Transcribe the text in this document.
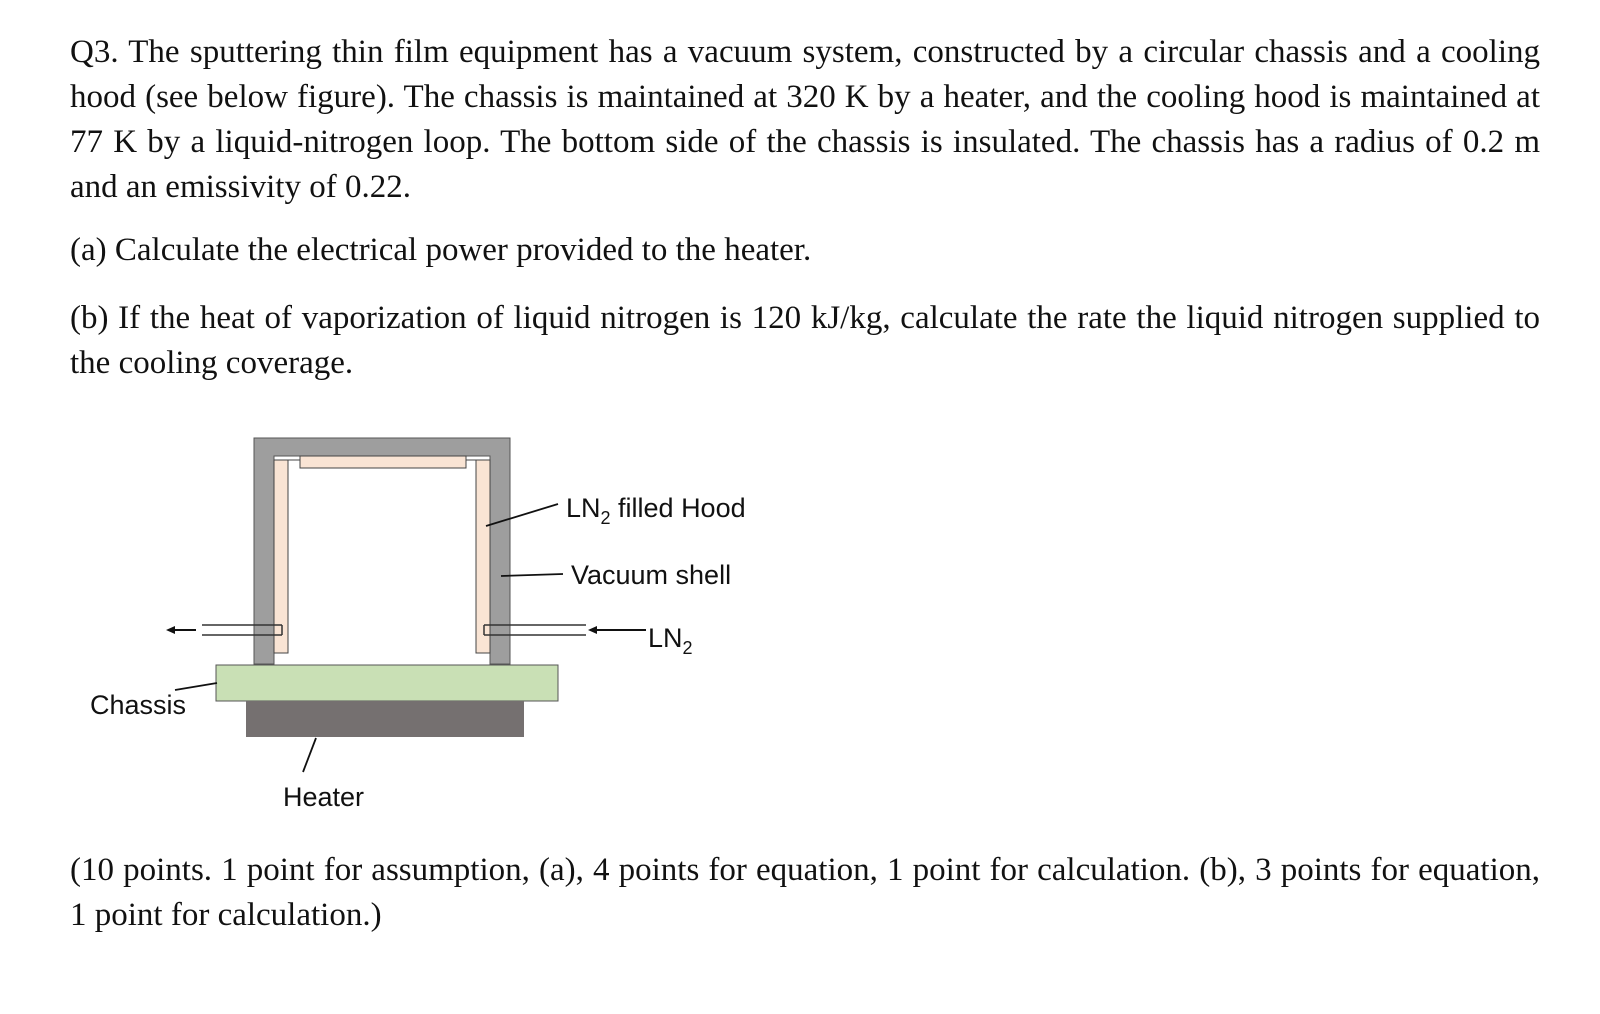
Q3. The sputtering thin film equipment has a vacuum system, constructed by a circular chassis and a cooling hood (see below figure). The chassis is maintained at 320 K by a heater, and the cooling hood is maintained at 77 K by a liquid-nitrogen loop. The bottom side of the chassis is insulated. The chassis has a radius of 0.2 m and an emissivity of 0.22.

(a) Calculate the electrical power provided to the heater.

(b) If the heat of vaporization of liquid nitrogen is 120 kJ/kg, calculate the rate the liquid nitrogen supplied to the cooling coverage.

$LN_2$ filled Hood
Vacuum shell
$LN_2$
Chassis
Heater

(10 points. 1 point for assumption, (a), 4 points for equation, 1 point for calculation. (b), 3 points for equation, 1 point for calculation.)
